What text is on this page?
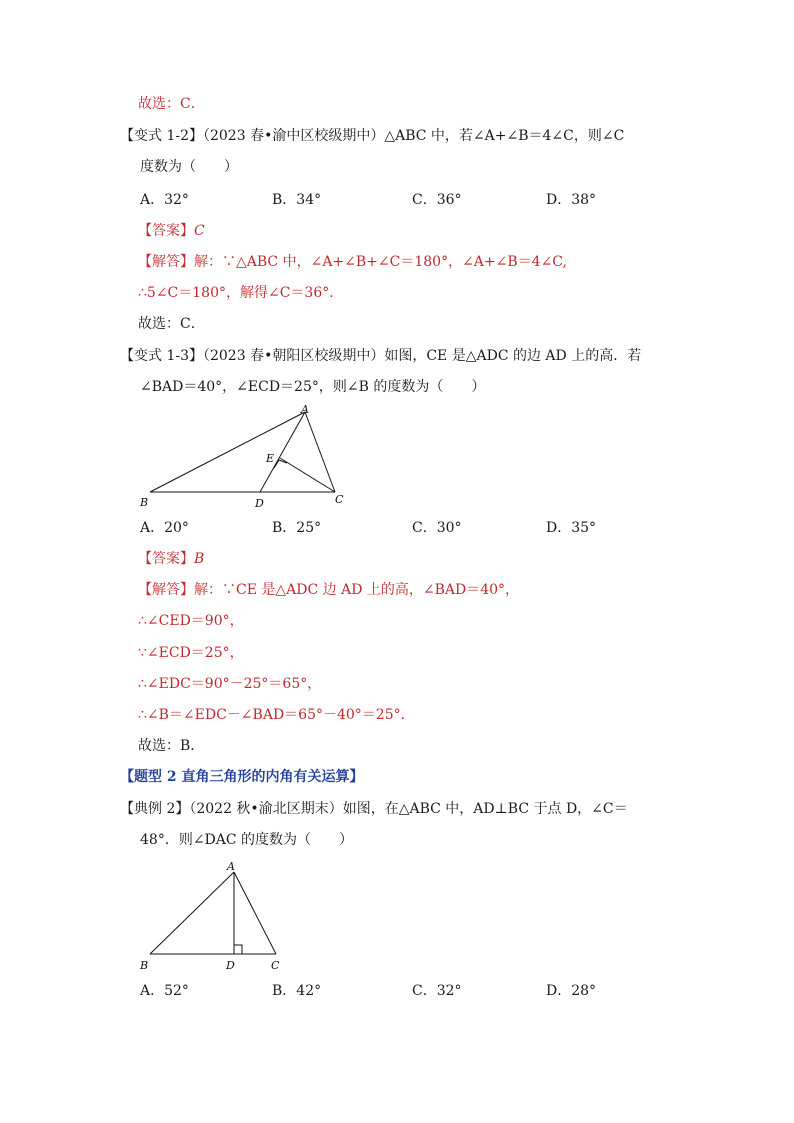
故选：C．
【变式 1-2】（2023 春•渝中区校级期中）△ABC 中，若∠A+∠B＝4∠C，则∠C
度数为（　　）
A．32°	B．34°	C．36°	D．38°
【答案】C
【解答】解：∵△ABC 中，∠A+∠B+∠C＝180°，∠A+∠B＝4∠C,
∴5∠C＝180°，解得∠C＝36°．
故选：C．
【变式 1-3】（2023 春•朝阳区校级期中）如图，CE 是△ADC 的边 AD 上的高．若
∠BAD＝40°，∠ECD＝25°，则∠B 的度数为（　　）
A
B	C
D
E
A．20°	B．25°	C．30°	D．35°
【答案】B
【解答】解：∵CE 是△ADC 边 AD 上的高，∠BAD＝40°，
∴∠CED＝90°，
∵∠ECD＝25°，
∴∠EDC＝90°－25°＝65°，
∴∠B＝∠EDC－∠BAD＝65°－40°＝25°．
故选：B．
【题型 2 直角三角形的内角有关运算】
【典例 2】（2022 秋•渝北区期末）如图，在△ABC 中，AD⊥BC 于点 D，∠C＝
48°．则∠DAC 的度数为（　　）
A
B	D	C
A．52°	B．42°	C．32°	D．28°
